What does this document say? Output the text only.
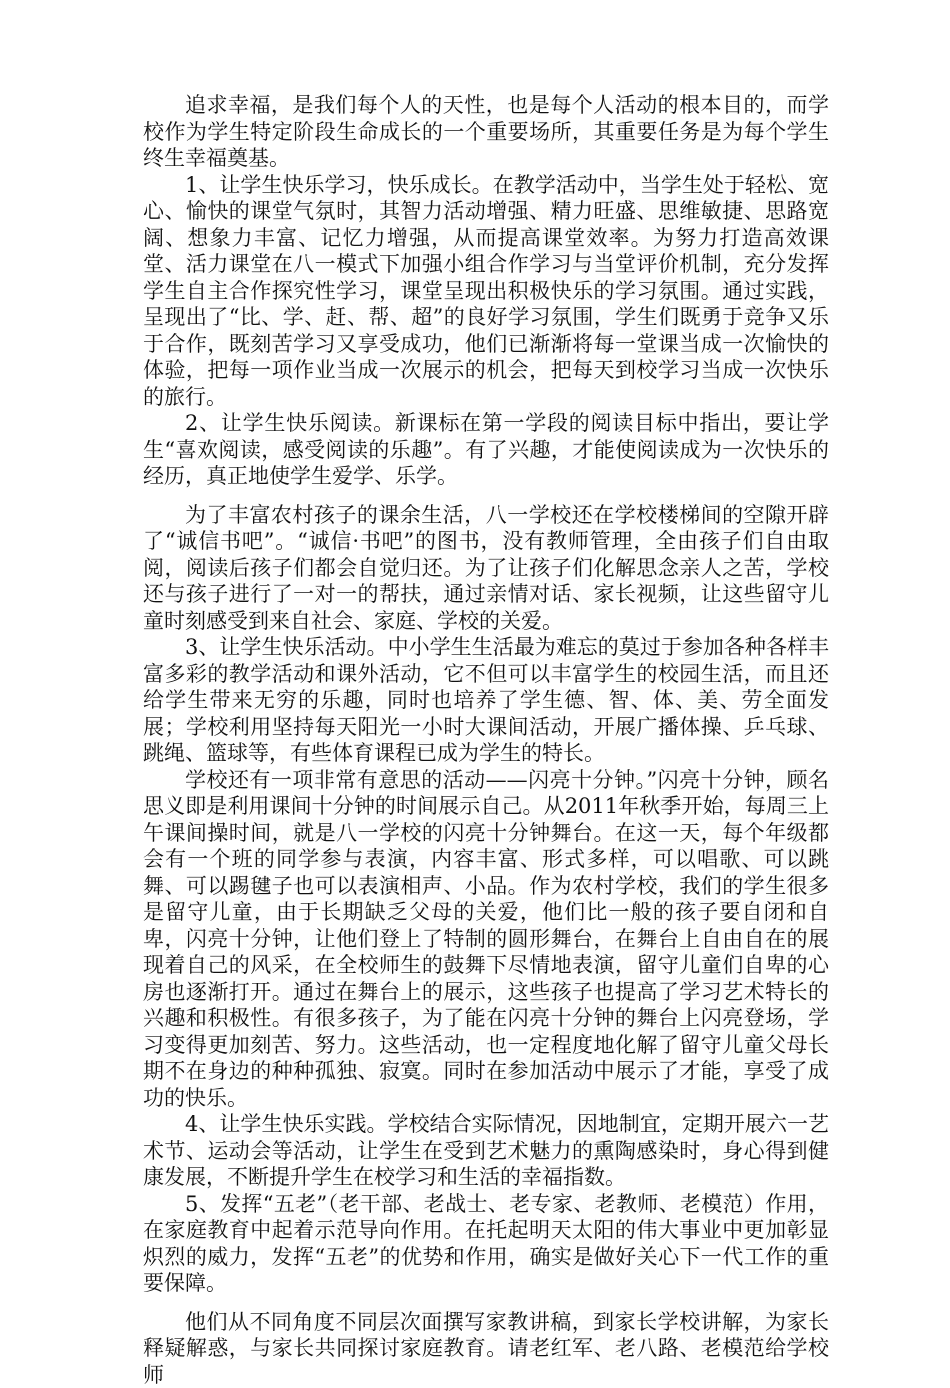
追求幸福，是我们每个人的天性，也是每个人活动的根本目的，而学校作为学生特定阶段生命成长的一个重要场所，其重要任务是为每个学生终生幸福奠基。

1、让学生快乐学习，快乐成长。在教学活动中，当学生处于轻松、宽心、愉快的课堂气氛时，其智力活动增强、精力旺盛、思维敏捷、思路宽阔、想象力丰富、记忆力增强，从而提高课堂效率。为努力打造高效课堂、活力课堂在八一模式下加强小组合作学习与当堂评价机制，充分发挥学生自主合作探究性学习，课堂呈现出积极快乐的学习氛围。通过实践，呈现出了“比、学、赶、帮、超”的良好学习氛围，学生们既勇于竞争又乐于合作，既刻苦学习又享受成功，他们已渐渐将每一堂课当成一次愉快的体验，把每一项作业当成一次展示的机会，把每天到校学习当成一次快乐的旅行。

2、让学生快乐阅读。新课标在第一学段的阅读目标中指出，要让学生“喜欢阅读，感受阅读的乐趣”。有了兴趣，才能使阅读成为一次快乐的经历，真正地使学生爱学、乐学。

为了丰富农村孩子的课余生活，八一学校还在学校楼梯间的空隙开辟了“诚信书吧”。“诚信·书吧”的图书，没有教师管理，全由孩子们自由取阅，阅读后孩子们都会自觉归还。为了让孩子们化解思念亲人之苦，学校还与孩子进行了一对一的帮扶，通过亲情对话、家长视频，让这些留守儿童时刻感受到来自社会、家庭、学校的关爱。

3、让学生快乐活动。中小学生生活最为难忘的莫过于参加各种各样丰富多彩的教学活动和课外活动，它不但可以丰富学生的校园生活，而且还给学生带来无穷的乐趣，同时也培养了学生德、智、体、美、劳全面发展；学校利用坚持每天阳光一小时大课间活动，开展广播体操、乒乓球、跳绳、篮球等，有些体育课程已成为学生的特长。

学校还有一项非常有意思的活动——闪亮十分钟。”闪亮十分钟，顾名思义即是利用课间十分钟的时间展示自己。从2011年秋季开始，每周三上午课间操时间，就是八一学校的闪亮十分钟舞台。在这一天，每个年级都会有一个班的同学参与表演，内容丰富、形式多样，可以唱歌、可以跳舞、可以踢毽子也可以表演相声、小品。作为农村学校，我们的学生很多是留守儿童，由于长期缺乏父母的关爱，他们比一般的孩子要自闭和自卑，闪亮十分钟，让他们登上了特制的圆形舞台，在舞台上自由自在的展现着自己的风采，在全校师生的鼓舞下尽情地表演，留守儿童们自卑的心房也逐渐打开。通过在舞台上的展示，这些孩子也提高了学习艺术特长的兴趣和积极性。有很多孩子，为了能在闪亮十分钟的舞台上闪亮登场，学习变得更加刻苦、努力。这些活动，也一定程度地化解了留守儿童父母长期不在身边的种种孤独、寂寞。同时在参加活动中展示了才能，享受了成功的快乐。

4、让学生快乐实践。学校结合实际情况，因地制宜，定期开展六一艺术节、运动会等活动，让学生在受到艺术魅力的熏陶感染时，身心得到健康发展，不断提升学生在校学习和生活的幸福指数。

5、发挥“五老”（老干部、老战士、老专家、老教师、老模范）作用，在家庭教育中起着示范导向作用。在托起明天太阳的伟大事业中更加彰显炽烈的威力，发挥“五老”的优势和作用，确实是做好关心下一代工作的重要保障。

他们从不同角度不同层次面撰写家教讲稿，到家长学校讲解，为家长释疑解惑，与家长共同探讨家庭教育。请老红军、老八路、老模范给学校师
